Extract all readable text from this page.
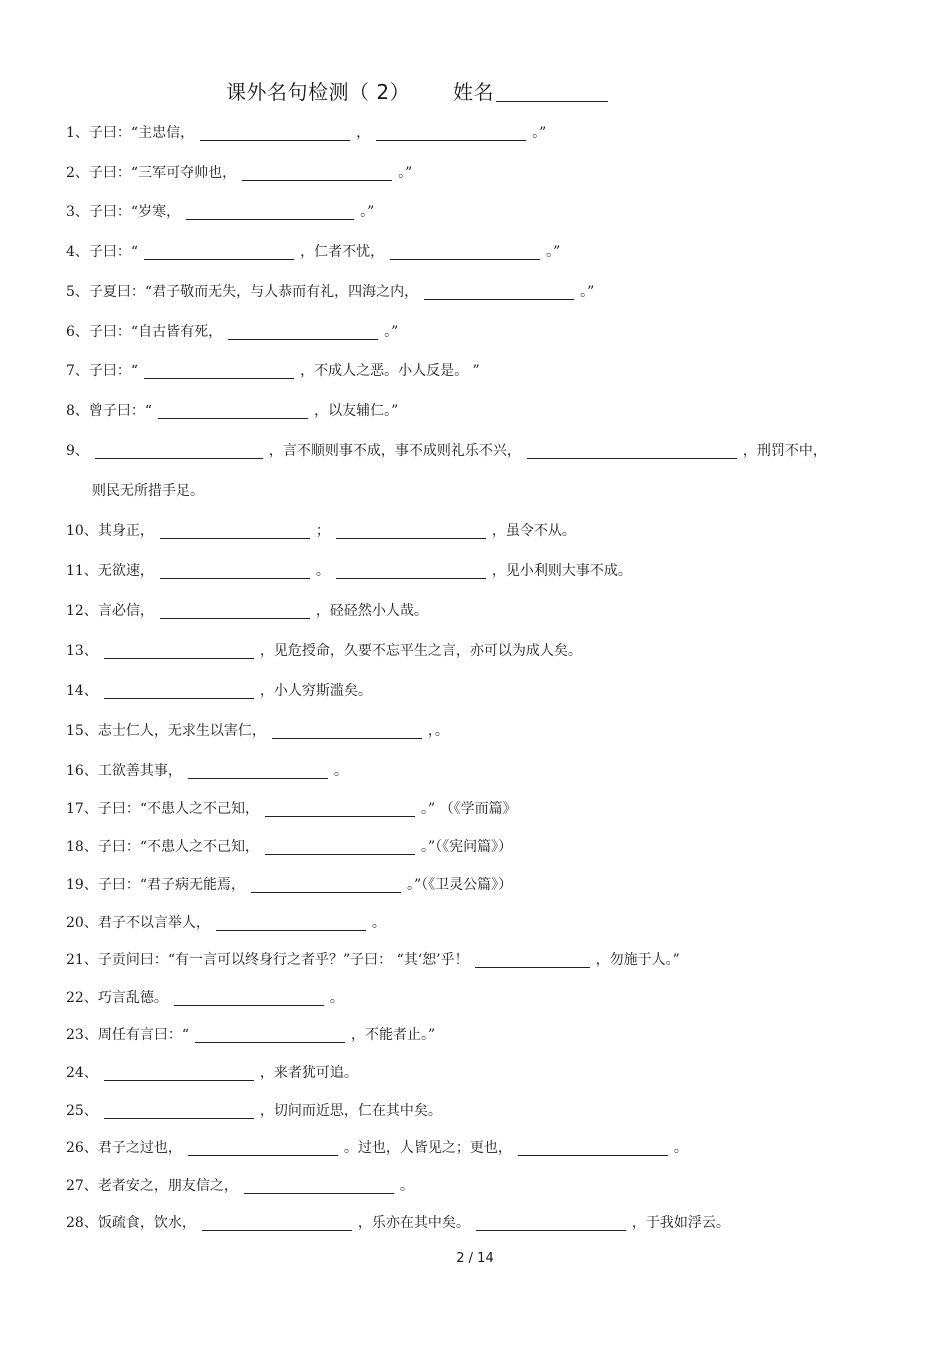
课外名句检测（ 2） 姓名
1、子曰：“主忠信，	，	。”
2、子曰：“三军可夺帅也，	。”
3、子曰：“岁寒，	。”
4、子曰：“	，仁者不忧，	。”
5、子夏曰：“君子敬而无失，与人恭而有礼，四海之内，	。”
6、子曰：“自古皆有死，	。”
7、子曰：“	，不成人之恶。小人反是。 ”
8、曾子曰：“	，以友辅仁。”
9、	，言不顺则事不成，事不成则礼乐不兴，	，刑罚不中，
则民无所措手足。
10、其身正，	；	，虽令不从。
11、无欲速，	。	，见小利则大事不成。
12、言必信，	，硁硁然小人哉。
13、	，见危授命，久要不忘平生之言，亦可以为成人矣。
14、	，小人穷斯滥矣。
15、志士仁人，无求生以害仁，	，。
16、工欲善其事，	。
17、子曰：“不患人之不己知，	。” （《学而篇》
18、子曰：“不患人之不己知，	。”（《宪问篇》）
19、子曰：“君子病无能焉，	。”（《卫灵公篇》）
20、君子不以言举人，	。
21、子贡问曰：“有一言可以终身行之者乎？”子曰： “其‘恕’乎！	，勿施于人。”
22、巧言乱德。	。
23、周任有言曰：“	，不能者止。”
24、	，来者犹可追。
25、	，切问而近思，仁在其中矣。
26、君子之过也，	。过也，人皆见之；更也，	。
27、老者安之，朋友信之，	。
28、饭疏食，饮水，	，乐亦在其中矣。	，于我如浮云。
2 / 14
